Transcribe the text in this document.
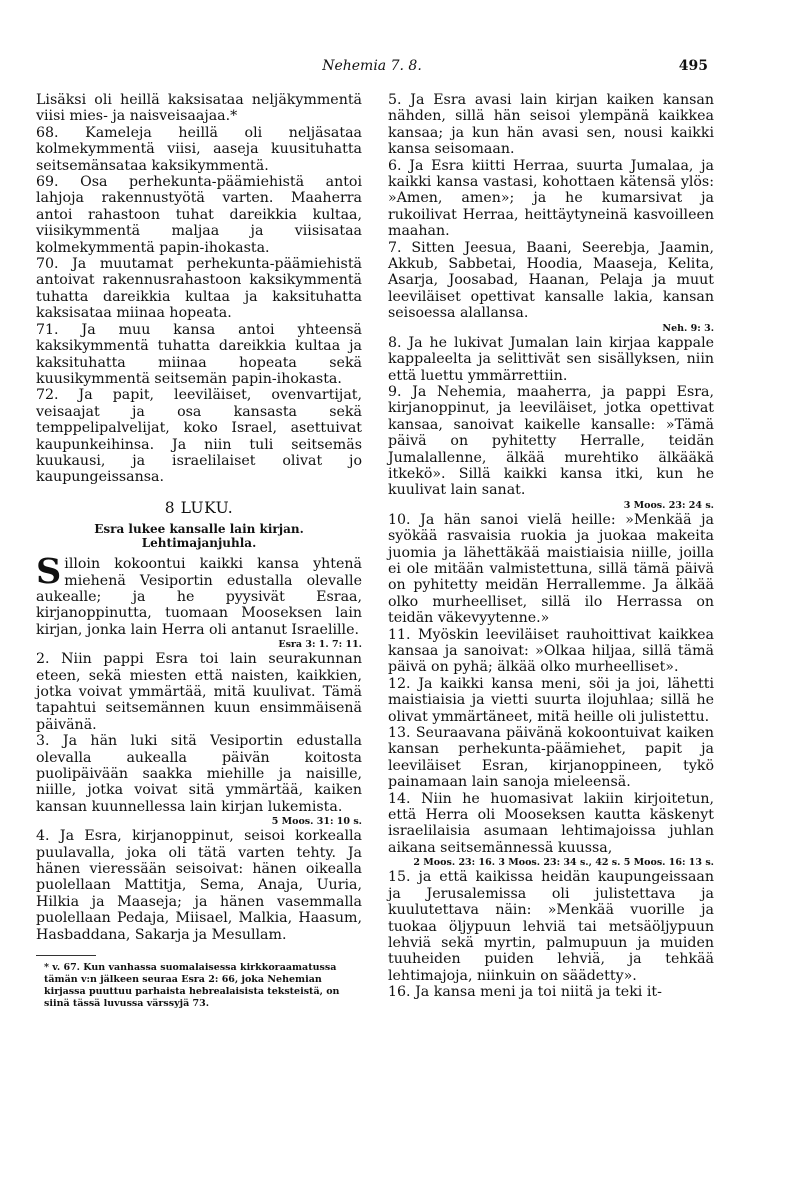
Nehemia 7. 8.	495

Lisäksi oli heillä kaksisataa neljäkymmentä viisi mies- ja naisveisaajaa.*

68. Kameleja heillä oli neljäsataa kolmekymmentä viisi, aaseja kuusituhatta seitsemänsataa kaksikymmentä.

69. Osa perhekunta-päämiehistä antoi lahjoja rakennustyötä varten. Maaherra antoi rahastoon tuhat dareikkia kultaa, viisikymmentä maljaa ja viisisataa kolmekymmentä papin-ihokasta.

70. Ja muutamat perhekunta-päämiehistä antoivat rakennusrahastoon kaksikymmentä tuhatta dareikkia kultaa ja kaksituhatta kaksisataa miinaa hopeata.

71. Ja muu kansa antoi yhteensä kaksikymmentä tuhatta dareikkia kultaa ja kaksituhatta miinaa hopeata sekä kuusikymmentä seitsemän papin-ihokasta.

72. Ja papit, leeviläiset, ovenvartijat, veisaajat ja osa kansasta sekä temppelipalvelijat, koko Israel, asettuivat kaupunkeihinsa. Ja niin tuli seitsemäs kuukausi, ja israelilaiset olivat jo kaupungeissansa.

8 LUKU.
Esra lukee kansalle lain kirjan. Lehtimajanjuhla.

Silloin kokoontui kaikki kansa yhtenä miehenä Vesiportin edustalla olevalle aukealle; ja he pyysivät Esraa, kirjanoppinutta, tuomaan Mooseksen lain kirjan, jonka lain Herra oli antanut Israelille.
Esra 3: 1. 7: 11.

2. Niin pappi Esra toi lain seurakunnan eteen, sekä miesten että naisten, kaikkien, jotka voivat ymmärtää, mitä kuulivat. Tämä tapahtui seitsemännen kuun ensimmäisenä päivänä.

3. Ja hän luki sitä Vesiportin edustalla olevalla aukealla päivän koitosta puolipäivään saakka miehille ja naisille, niille, jotka voivat sitä ymmärtää, kaiken kansan kuunnellessa lain kirjan lukemista.
5 Moos. 31: 10 s.

4. Ja Esra, kirjanoppinut, seisoi korkealla puulavalla, joka oli tätä varten tehty. Ja hänen vieressään seisoivat: hänen oikealla puolellaan Mattitja, Sema, Anaja, Uuria, Hilkia ja Maaseja; ja hänen vasemmalla puolellaan Pedaja, Miisael, Malkia, Haasum, Hasbaddana, Sakarja ja Mesullam.

* v. 67. Kun vanhassa suomalaisessa kirkkoraamatussa tämän v:n jälkeen seuraa Esra 2: 66, joka Nehemian kirjassa puuttuu parhaista hebrealaisista teksteistä, on siinä tässä luvussa värssyjä 73.

5. Ja Esra avasi lain kirjan kaiken kansan nähden, sillä hän seisoi ylempänä kaikkea kansaa; ja kun hän avasi sen, nousi kaikki kansa seisomaan.

6. Ja Esra kiitti Herraa, suurta Jumalaa, ja kaikki kansa vastasi, kohottaen kätensä ylös: »Amen, amen»; ja he kumarsivat ja rukoilivat Herraa, heittäytyneinä kasvoilleen maahan.

7. Sitten Jeesua, Baani, Seerebja, Jaamin, Akkub, Sabbetai, Hoodia, Maaseja, Kelita, Asarja, Joosabad, Haanan, Pelaja ja muut leeviläiset opettivat kansalle lakia, kansan seisoessa alallansa.
Neh. 9: 3.

8. Ja he lukivat Jumalan lain kirjaa kappale kappaleelta ja selittivät sen sisällyksen, niin että luettu ymmärrettiin.

9. Ja Nehemia, maaherra, ja pappi Esra, kirjanoppinut, ja leeviläiset, jotka opettivat kansaa, sanoivat kaikelle kansalle: »Tämä päivä on pyhitetty Herralle, teidän Jumalallenne, älkää murehtiko älkääkä itkekö». Sillä kaikki kansa itki, kun he kuulivat lain sanat.
3 Moos. 23: 24 s.

10. Ja hän sanoi vielä heille: »Menkää ja syökää rasvaisia ruokia ja juokaa makeita juomia ja lähettäkää maistiaisia niille, joilla ei ole mitään valmistettuna, sillä tämä päivä on pyhitetty meidän Herrallemme. Ja älkää olko murheelliset, sillä ilo Herrassa on teidän väkevyytenne.»

11. Myöskin leeviläiset rauhoittivat kaikkea kansaa ja sanoivat: »Olkaa hiljaa, sillä tämä päivä on pyhä; älkää olko murheelliset».

12. Ja kaikki kansa meni, söi ja joi, lähetti maistiaisia ja vietti suurta ilojuhlaa; sillä he olivat ymmärtäneet, mitä heille oli julistettu.

13. Seuraavana päivänä kokoontuivat kaiken kansan perhekunta-päämiehet, papit ja leeviläiset Esran, kirjanoppineen, tykö painamaan lain sanoja mieleensä.

14. Niin he huomasivat lakiin kirjoitetun, että Herra oli Mooseksen kautta käskenyt israelilaisia asumaan lehtimajoissa juhlan aikana seitsemännessä kuussa,
2 Moos. 23: 16. 3 Moos. 23: 34 s., 42 s. 5 Moos. 16: 13 s.

15. ja että kaikissa heidän kaupungeissaan ja Jerusalemissa oli julistettava ja kuulutettava näin: »Menkää vuorille ja tuokaa öljypuun lehviä tai metsäöljypuun lehviä sekä myrtin, palmupuun ja muiden tuuheiden puiden lehviä, ja tehkää lehtimajoja, niinkuin on säädetty».

16. Ja kansa meni ja toi niitä ja teki it-
